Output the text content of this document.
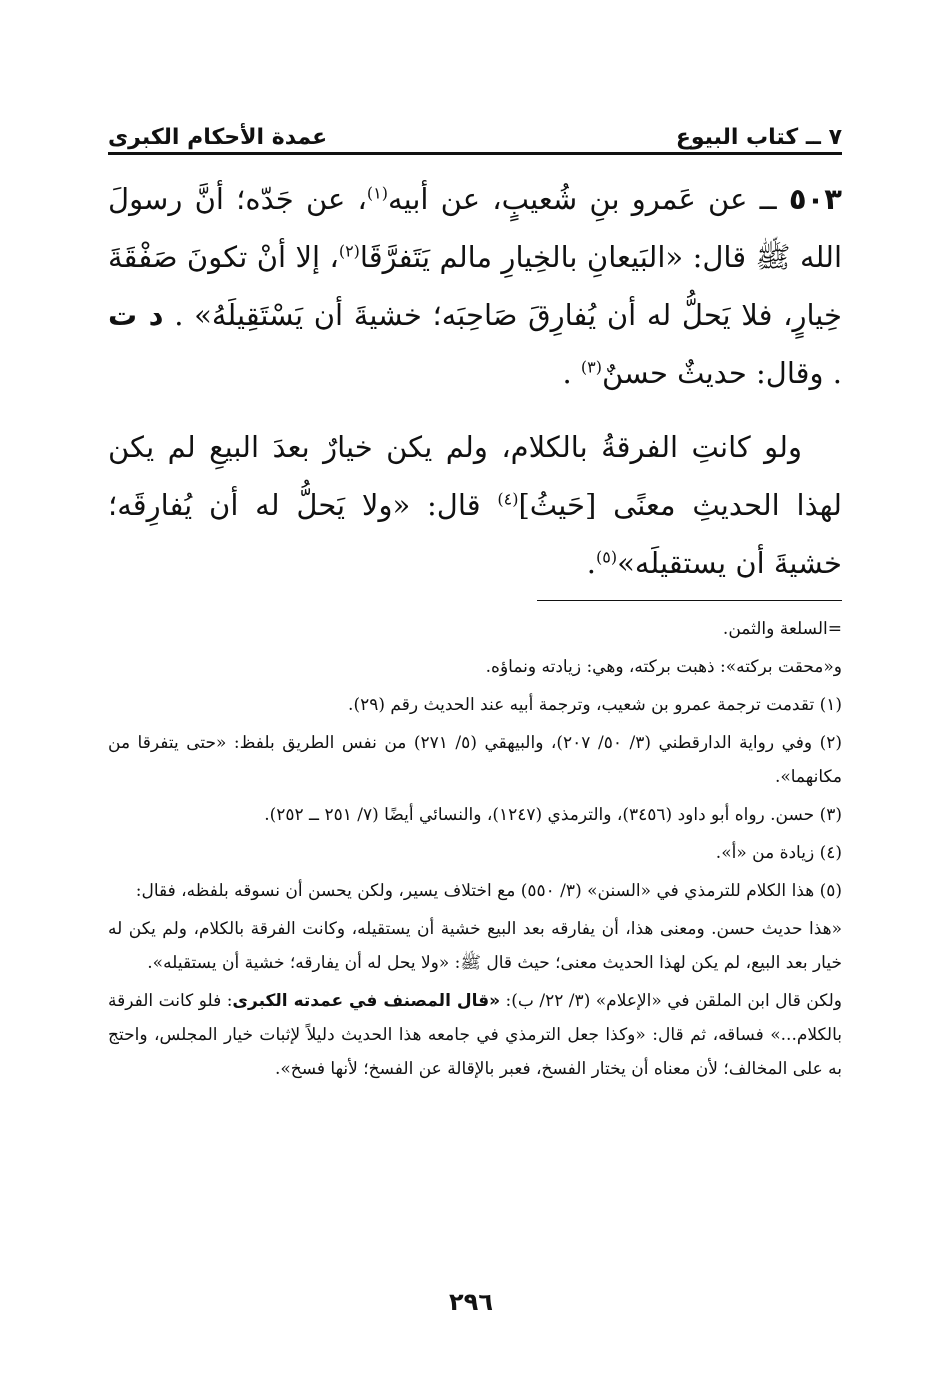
٧ ــ كتاب البيوع
عمدة الأحكام الكبرى

٥٠٣ ــ عن عَمرو بنِ شُعيبٍ، عن أبيه$^{(١)}$، عن جَدّه؛ أنَّ رسولَ الله ﷺ قال: «البَيعانِ بالخِيارِ مالم يَتَفرَّقَا$^{(٢)}$، إلا أنْ تكونَ صَفْقَةَ خِيارٍ، فلا يَحلُّ له أن يُفارِقَ صَاحِبَه؛ خشيةَ أن يَسْتَقِيلَهُ» . د ت . وقال: حديثٌ حسنٌ$^{(٣)}$ .

ولو كانتِ الفرقةُ بالكلام، ولم يكن خيارٌ بعدَ البيعِ لم يكن لهذا الحديثِ معنًى [حَيثُ]$^{(٤)}$ قال: «ولا يَحلُّ له أن يُفارِقَه؛ خشيةَ أن يستقيلَه»$^{(٥)}$.

=السلعة والثمن.

و«محقت بركته»: ذهبت بركته، وهي: زيادته ونماؤه.

(١) تقدمت ترجمة عمرو بن شعيب، وترجمة أبيه عند الحديث رقم (٢٩).

(٢) وفي رواية الدارقطني (٣/ ٥٠/ ٢٠٧)، والبيهقي (٥/ ٢٧١) من نفس الطريق بلفظ: «حتى يتفرقا من مكانهما».

(٣) حسن. رواه أبو داود (٣٤٥٦)، والترمذي (١٢٤٧)، والنسائي أيضًا (٧/ ٢٥١ ــ ٢٥٢).

(٤) زيادة من «أ».

(٥) هذا الكلام للترمذي في «السنن» (٣/ ٥٥٠) مع اختلاف يسير، ولكن يحسن أن نسوقه بلفظه، فقال:

«هذا حديث حسن. ومعنى هذا، أن يفارقه بعد البيع خشية أن يستقيله، وكانت الفرقة بالكلام، ولم يكن له خيار بعد البيع، لم يكن لهذا الحديث معنى؛ حيث قال ﷺ: «ولا يحل له أن يفارقه؛ خشية أن يستقيله».

ولكن قال ابن الملقن في «الإعلام» (٣/ ٢٢/ ب): «قال المصنف في عمدته الكبرى: فلو كانت الفرقة بالكلام...» فساقه، ثم قال: «وكذا جعل الترمذي في جامعه هذا الحديث دليلاً لإثبات خيار المجلس، واحتج به على المخالف؛ لأن معناه أن يختار الفسخ، فعبر بالإقالة عن الفسخ؛ لأنها فسخ».

٢٩٦
